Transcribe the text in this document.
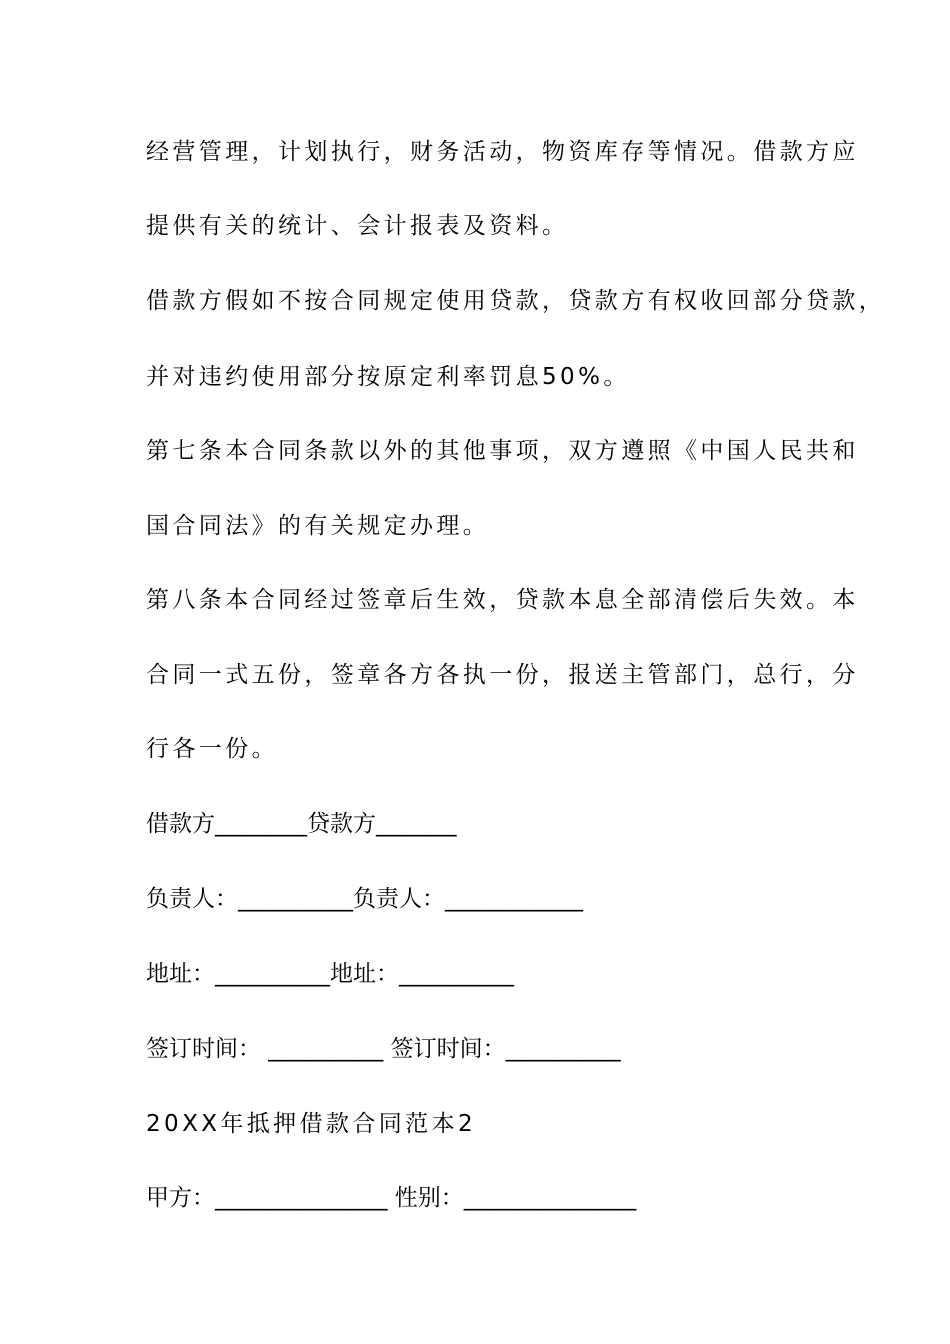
经营管理，计划执行，财务活动，物资库存等情况。借款方应
提供有关的统计、会计报表及资料。
借款方假如不按合同规定使用贷款，贷款方有权收回部分贷款，
并对违约使用部分按原定利率罚息50%。
第七条本合同条款以外的其他事项，双方遵照《中国人民共和
国合同法》的有关规定办理。
第八条本合同经过签章后生效，贷款本息全部清偿后失效。本
合同一式五份，签章各方各执一份，报送主管部门，总行，分
行各一份。
借款方________贷款方_______
负责人：__________负责人：____________
地址：__________地址：__________
签订时间： __________ 签订时间：__________
20XX年抵押借款合同范本2
甲方：_______________ 性别：_______________
